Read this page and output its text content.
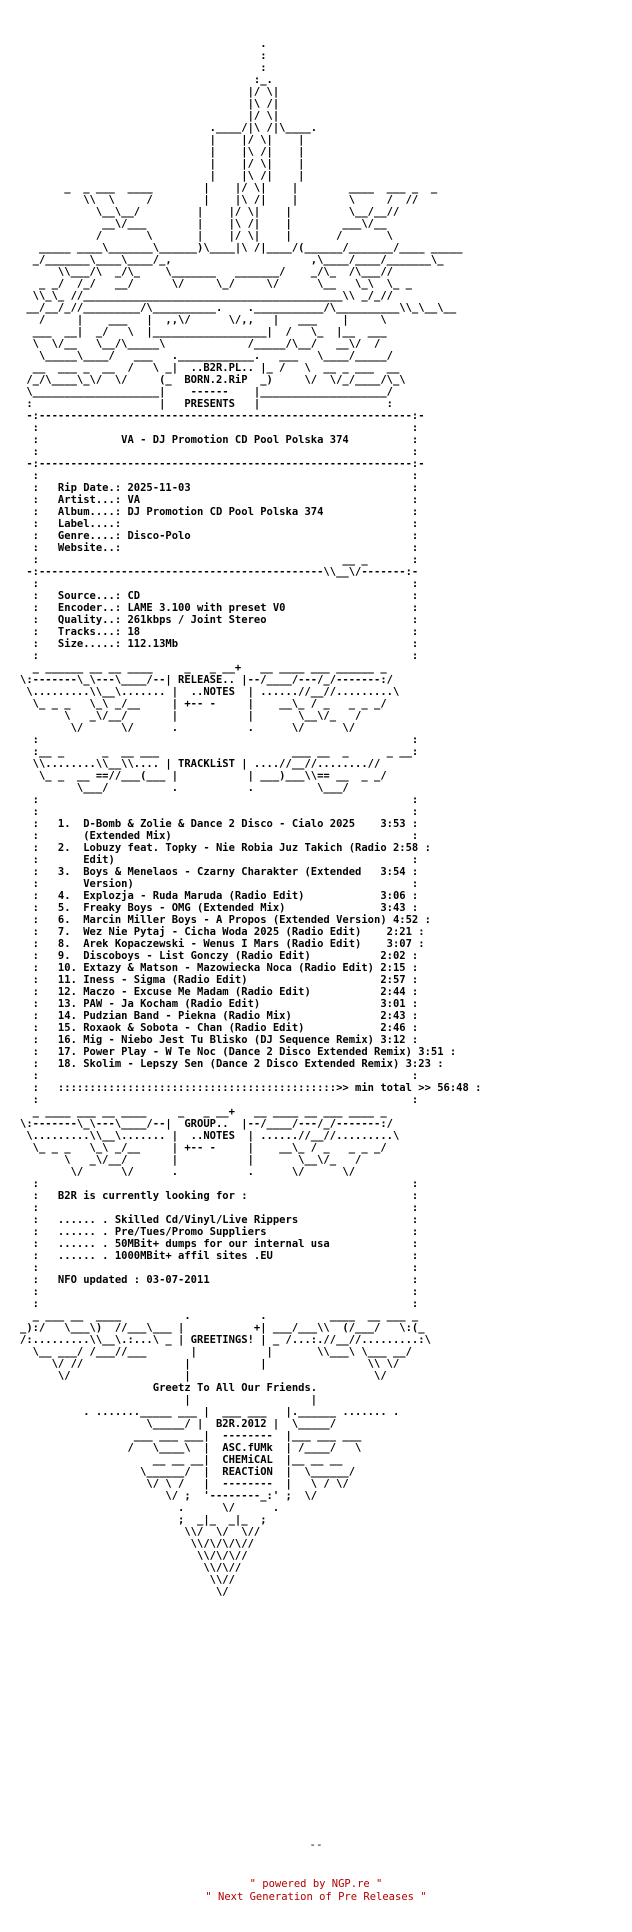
.
:
:
:_.
|/ \|
|\ /|
|/ \|
.____/|\ /|\____.
|    |/ \|    |
|    |\ /|    |
|    |/ \|    |
|    |\ /|    |
_  _ ___  ____        |    |/ \|    |        ____  ___ _  _
\\  \     /        |    |\ /|    |        \     /  //
\__\__/         |    |/ \|    |         \__/__//
__\/___        |    |\ /|    |        ___\/__
/       \       |    |/ \|    |       /       \
_____ ____\_______\______)\____|\ /|____/(______/_______/____ _____
_/_______\____\____/_,                      ,\____/____/_______\_
\\___/\  _/\_    \_______   _______/    _/\_  /\___//
_ _/  /_/   __/      \/     \_/     \/      \__   \_\  \_ _
\\_\_ //_________________________________________\\ _/_//
__/__/_//_________/\__________.    .___________/\__________\\_\__\__
/     |    ___   |  ,,\/      \/,,   |   ___    |     \
___  __|  _/   \  |__________________|  /   \_  |__  ___
\  \/__   \__/\_____\             /_____/\__/   __\/  /
\_____\____/   ___   .____________.   ___   \____/_____/
__  ___ _  __  /   \ _|  ..B2R.PL.. |_ /   \  __ _ ___  __
/_/\____\_\/  \/     (_  BORN.2.RiP  _)     \/  \/_/____/\_\
\____________________|    ------    |____________________/
:                    |   PRESENTS   |                    :
-:-----------------------------------------------------------:-
:                                                           :
:             VA - DJ Promotion CD Pool Polska 374          :
:                                                           :
-:-----------------------------------------------------------:-
:                                                           :
:   Rip Date.: 2025-11-03                                   :
:   Artist...: VA                                           :
:   Album....: DJ Promotion CD Pool Polska 374              :
:   Label....:                                              :
:   Genre....: Disco-Polo                                   :
:   Website..:                                              :
:                                                __ _       :
-:---------------------------------------------\\__\/-------:-
:                                                           :
:   Source...: CD                                           :
:   Encoder..: LAME 3.100 with preset V0                    :
:   Quality..: 261kbps / Joint Stereo                       :
:   Tracks...: 18                                           :
:   Size.....: 112.13Mb                                     :
:                                                           :
_ ______ __ __ ____     _   _ __+   __ ____ ___ ______ _
\:-------\_\---\____/--| RELEASE.. |--/____/---/_/-------:/
\.........\\__\....... |  ..NOTES  | ......//__//.........\
\_ _ _   \_\ _/__     | +-- -     |    __\_ / _   _ _ _/
\   _\/__/       |           |       \__\/_   /
\/      \/      .           .      \/      \/
:                                                           :
:__ _      _  __ ___                     ___ __  _      _ __:
\\........\\__\\.... | TRACKLiST | ....//__//........//
\_ _  __ ==//___(___ |           | ___)___\\== __  _ _/
\___/          .           .          \___/
:                                                           :
:                                                           :
:   1.  D-Bomb & Zolie & Dance 2 Disco - Cialo 2025    3:53 :
:       (Extended Mix)                                      :
:   2.  Lobuzy feat. Topky - Nie Robia Juz Takich (Radio 2:58 :
:       Edit)                                               :
:   3.  Boys & Menelaos - Czarny Charakter (Extended   3:54 :
:       Version)                                            :
:   4.  Explozja - Ruda Maruda (Radio Edit)            3:06 :
:   5.  Freaky Boys - OMG (Extended Mix)               3:43 :
:   6.  Marcin Miller Boys - A Propos (Extended Version) 4:52 :
:   7.  Wez Nie Pytaj - Cicha Woda 2025 (Radio Edit)    2:21 :
:   8.  Arek Kopaczewski - Wenus I Mars (Radio Edit)    3:07 :
:   9.  Discoboys - List Gonczy (Radio Edit)           2:02 :
:   10. Extazy & Matson - Mazowiecka Noca (Radio Edit) 2:15 :
:   11. Iness - Sigma (Radio Edit)                     2:57 :
:   12. Maczo - Excuse Me Madam (Radio Edit)           2:44 :
:   13. PAW - Ja Kocham (Radio Edit)                   3:01 :
:   14. Pudzian Band - Piekna (Radio Mix)              2:43 :
:   15. Roxaok & Sobota - Chan (Radio Edit)            2:46 :
:   16. Mig - Niebo Jest Tu Blisko (DJ Sequence Remix) 3:12 :
:   17. Power Play - W Te Noc (Dance 2 Disco Extended Remix) 3:51 :
:   18. Skolim - Lepszy Sen (Dance 2 Disco Extended Remix) 3:23 :
:                                                           :
:   ::::::::::::::::::::::::::::::::::::::::::::>> min total >> 56:48 :
:                                                           :
_ ____ ___ __ ____     _   _ __+   __ ____ __ ___ ____ _
\:-------\_\---\____/--|  GROUP..  |--/____/---/_/-------:/
\.........\\__\....... |  ..NOTES  | ......//__//.........\
\_ _ _   \_\ _/__     | +-- -     |    __\_ / _   _ _ _/
\   _\/__/       |           |       \__\/_   /
\/      \/      .           .      \/      \/
:                                                           :
:   B2R is currently looking for :                          :
:                                                           :
:   ...... . Skilled Cd/Vinyl/Live Rippers                  :
:   ...... . Pre/Tues/Promo Suppliers                       :
:   ...... . 50MBit+ dumps for our internal usa             :
:   ...... . 1000MBit+ affil sites .EU                      :
:                                                           :
:   NFO updated : 03-07-2011                                :
:                                                           :
:                                                           :
_ ___ __  ____          .           .          ____  __ ___ _
_):/   \___\)  //___\___ |           +| ___/___\\  (/___/   \:(_
/:.........\\__\.:...\ _ | GREETINGS! | _ /...:.//__//.........:\
\__ ___/ /___//___       |           |       \\___\ \___ __/
\/ //                |           |                \\ \/
\/                  |                             \/
Greetz To All Our Friends.
|                   |
. ......._____ ___ |  ___ ___   |.______ ....... .
\_____/ |  B2R.2012 |  \_____/
___ ___ ___|  --------  |___ ___ ___
/   \____\  |  ASC.fUMk  | /____/   \
__ __ __|  CHEMiCAL  |__ __ __
\______/  |  REACTiON  |  \______/
\/ \ /   |  --------  |   \ / \/
\/ ;  '--------_:' ;  \/
.      \/      .
;  _|_  _|_  ;
\\/  \/  \//
\\/\/\/\//
\\/\/\//
\\/\//
\\//
\/
--
" powered by NGP.re "
" Next Generation of Pre Releases "
